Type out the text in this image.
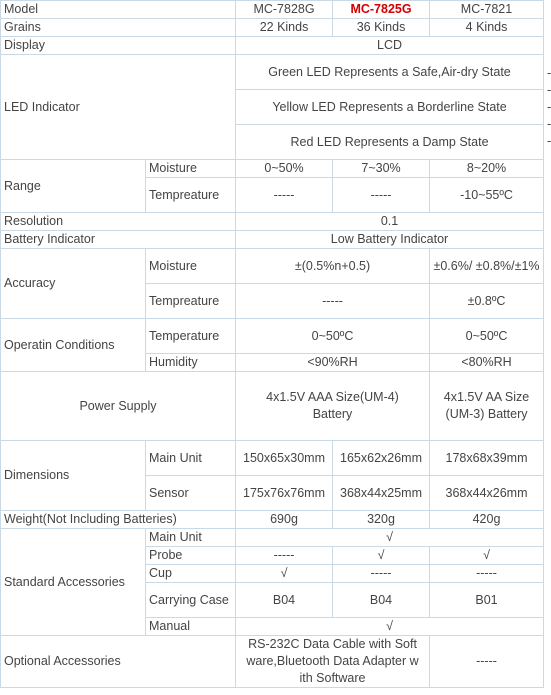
Model		MC-7828G	MC-7825G	MC-7821	
Grains		22 Kinds	36 Kinds	4 Kinds	
Display		LCD			
LED Indicator		Green LED Represents a Safe,Air-dry State			-----
		Yellow LED Represents a Borderline State			
		Red LED Represents a Damp State			
Range	Moisture	0~50%	7~30%	8~20%	
	Tempreature	-----	-----	-10~55ºC	
Resolution		0.1			
Battery Indicator		Low Battery Indicator			
Accuracy	Moisture	±(0.5%n+0.5)		±0.6%/ ±0.8%/±1%	
	Tempreature	-----		±0.8ºC	
Operatin Conditions	Temperature	0~50ºC		0~50ºC	
	Humidity	<90%RH		<80%RH	
Power Supply		4x1.5V AAA Size(UM-4)Battery		4x1.5V AA Size (UM-3) Battery	
Dimensions	Main Unit	150x65x30mm	165x62x26mm	178x68x39mm	
	Sensor	175x76x76mm	368x44x25mm	368x44x26mm	
Weight(Not Including Batteries)		690g	320g	420g	
Standard Accessories	Main Unit	√			
	Probe	-----	√	√	
	Cup	√	-----	-----	
	Carrying Case	B04	B04	B01	
	Manual	√			
Optional Accessories		RS-232C Data Cable with Software,Bluetooth Data Adapter with Software		-----	
